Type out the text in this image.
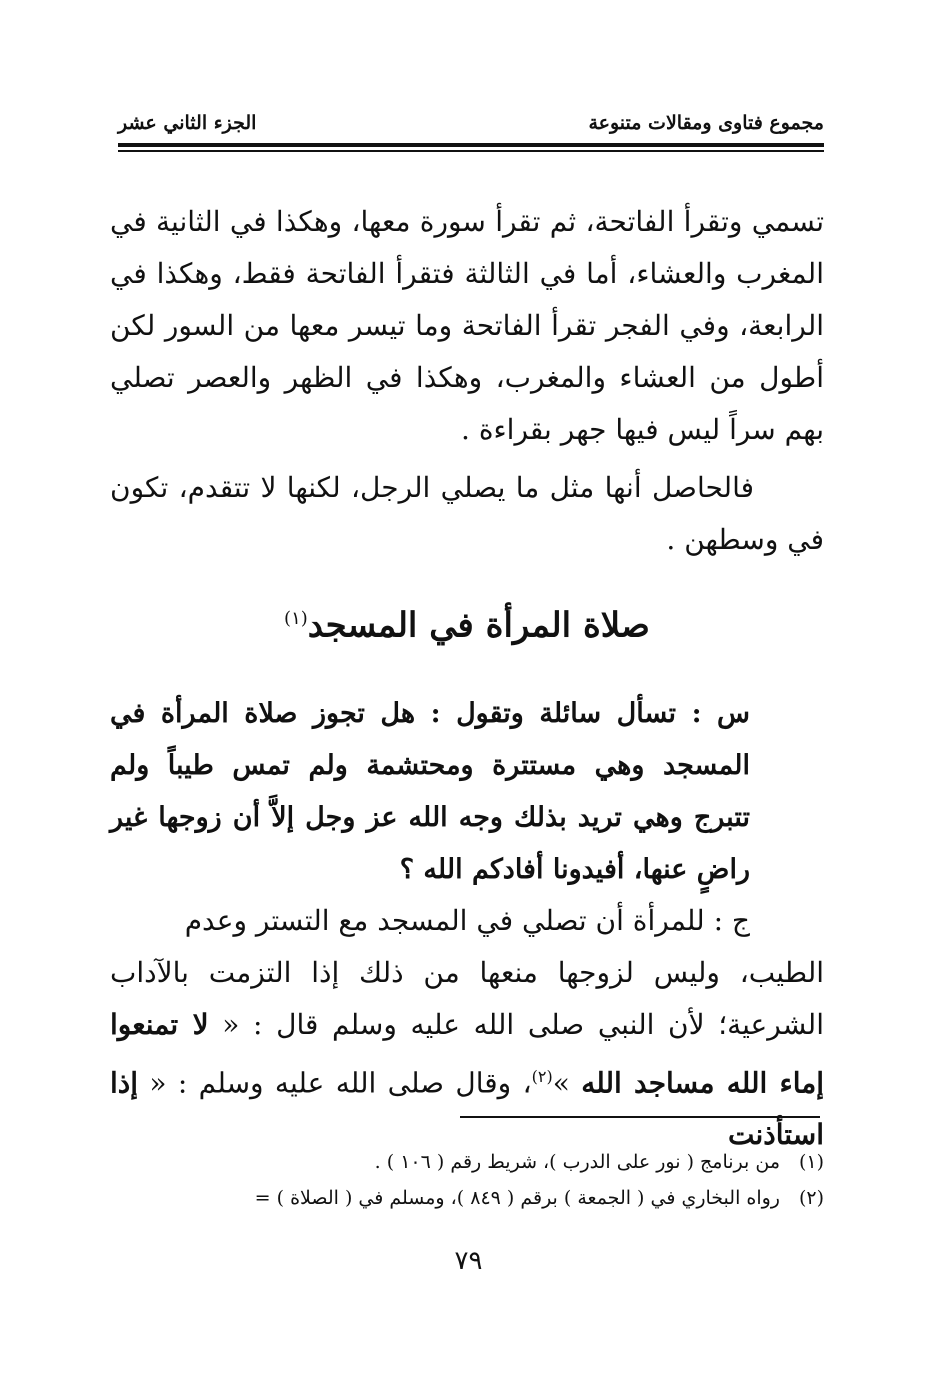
مجموع فتاوى ومقالات متنوعة
الجزء الثاني عشر

تسمي وتقرأ الفاتحة، ثم تقرأ سورة معها، وهكذا في الثانية في المغرب والعشاء، أما في الثالثة فتقرأ الفاتحة فقط، وهكذا في الرابعة، وفي الفجر تقرأ الفاتحة وما تيسر معها من السور لكن أطول من العشاء والمغرب، وهكذا في الظهر والعصر تصلي بهم سراً ليس فيها جهر بقراءة .

فالحاصل أنها مثل ما يصلي الرجل، لكنها لا تتقدم، تكون في وسطهن .

صلاة المرأة في المسجد$^{(١)}$

س : تسأل سائلة وتقول : هل تجوز صلاة المرأة في المسجد وهي مستترة ومحتشمة ولم تمس طيباً ولم تتبرج وهي تريد بذلك وجه الله عز وجل إلاَّ أن زوجها غير راضٍ عنها، أفيدونا أفادكم الله ؟

ج : للمرأة أن تصلي في المسجد مع التستر وعدم

الطيب، وليس لزوجها منعها من ذلك إذا التزمت بالآداب الشرعية؛ لأن النبي صلى الله عليه وسلم قال : « لا تمنعوا إماء الله مساجد الله »$^{(٢)}$، وقال صلى الله عليه وسلم : « إذا استأذنت

(١)من برنامج ( نور على الدرب )، شريط رقم ( ١٠٦ ) .

(٢)رواه البخاري في ( الجمعة ) برقم ( ٨٤٩ )، ومسلم في ( الصلاة ) =

٧٩
